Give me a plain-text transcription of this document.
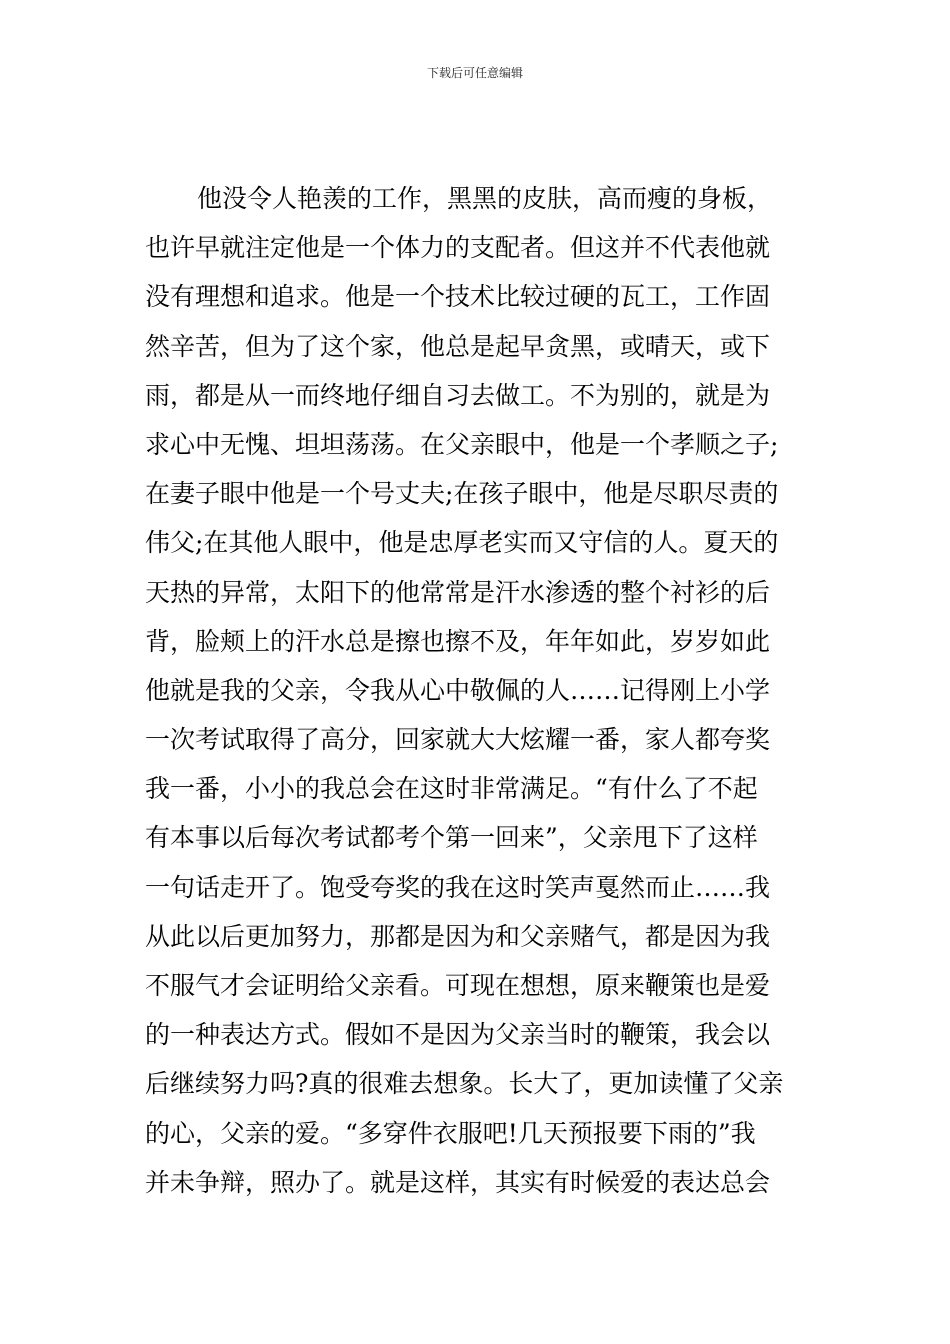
下载后可任意编辑
他没令人艳羡的工作，黑黑的皮肤，高而瘦的身板，
也许早就注定他是一个体力的支配者。但这并不代表他就
没有理想和追求。他是一个技术比较过硬的瓦工，工作固
然辛苦，但为了这个家，他总是起早贪黑，或晴天，或下
雨，都是从一而终地仔细自习去做工。不为别的，就是为
求心中无愧、坦坦荡荡。在父亲眼中，他是一个孝顺之子;
在妻子眼中他是一个号丈夫;在孩子眼中，他是尽职尽责的
伟父;在其他人眼中，他是忠厚老实而又守信的人。夏天的
天热的异常，太阳下的他常常是汗水渗透的整个衬衫的后
背，脸颊上的汗水总是擦也擦不及，年年如此，岁岁如此
他就是我的父亲，令我从心中敬佩的人……记得刚上小学
一次考试取得了高分，回家就大大炫耀一番，家人都夸奖
我一番，小小的我总会在这时非常满足。“有什么了不起
有本事以后每次考试都考个第一回来”，父亲甩下了这样
一句话走开了。饱受夸奖的我在这时笑声戛然而止……我
从此以后更加努力，那都是因为和父亲赌气，都是因为我
不服气才会证明给父亲看。可现在想想，原来鞭策也是爱
的一种表达方式。假如不是因为父亲当时的鞭策，我会以
后继续努力吗?真的很难去想象。长大了，更加读懂了父亲
的心，父亲的爱。“多穿件衣服吧!几天预报要下雨的”我
并未争辩，照办了。就是这样，其实有时候爱的表达总会
